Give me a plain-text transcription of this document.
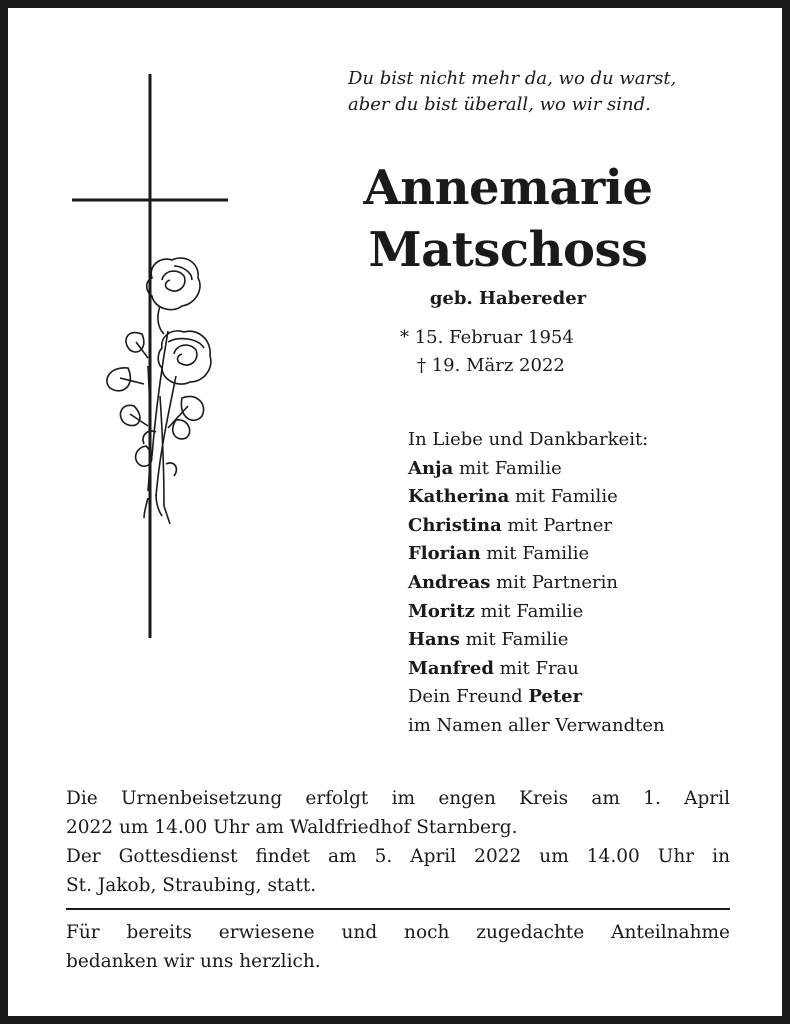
Du bist nicht mehr da, wo du warst,
aber du bist überall, wo wir sind.
Annemarie
Matschoss
geb. Habereder
* 15. Februar 1954
† 19. März 2022
In Liebe und Dankbarkeit:
Anja mit Familie
Katherina mit Familie
Christina mit Partner
Florian mit Familie
Andreas mit Partnerin
Moritz mit Familie
Hans mit Familie
Manfred mit Frau
Dein Freund Peter
im Namen aller Verwandten
Die Urnenbeisetzung erfolgt im engen Kreis am 1. April
2022 um 14.00 Uhr am Waldfriedhof Starnberg.
Der Gottesdienst findet am 5. April 2022 um 14.00 Uhr in
St. Jakob, Straubing, statt.
Für bereits erwiesene und noch zugedachte Anteilnahme
bedanken wir uns herzlich.
